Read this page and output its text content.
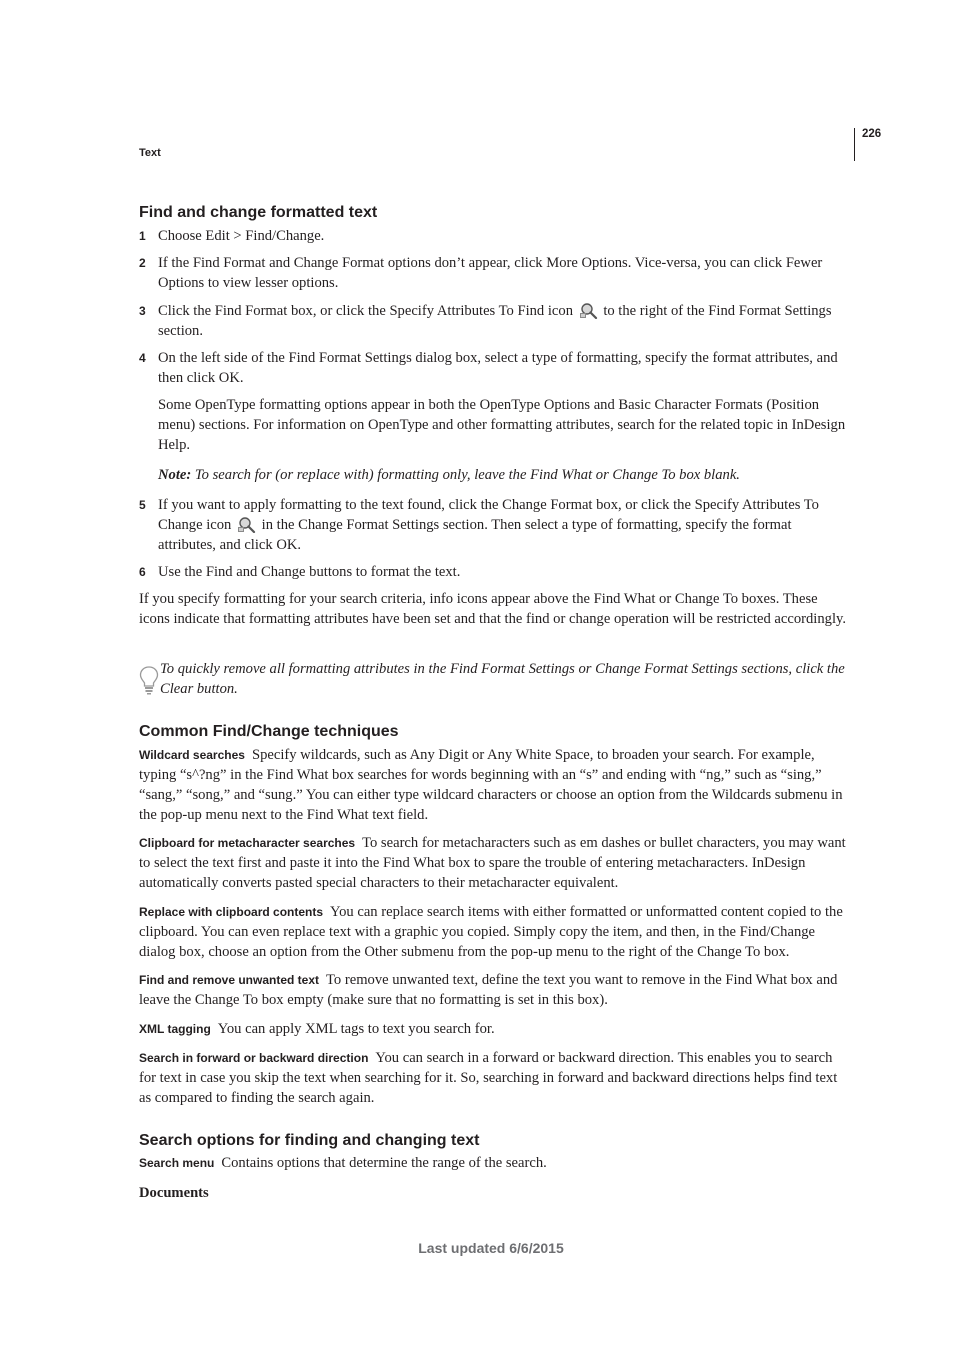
226
Text
Find and change formatted text
1 Choose Edit > Find/Change.

2 If the Find Format and Change Format options don’t appear, click More Options. Vice-versa, you can click Fewer Options to view lesser options.

3 Click the Find Format box, or click the Specify Attributes To Find icon to the right of the Find Format Settings section.

4 On the left side of the Find Format Settings dialog box, select a type of formatting, specify the format attributes, and then click OK.

Some OpenType formatting options appear in both the OpenType Options and Basic Character Formats (Position menu) sections. For information on OpenType and other formatting attributes, search for the related topic in InDesign Help.

Note: To search for (or replace with) formatting only, leave the Find What or Change To box blank.

5 If you want to apply formatting to the text found, click the Change Format box, or click the Specify Attributes To Change icon in the Change Format Settings section. Then select a type of formatting, specify the format attributes, and click OK.

6 Use the Find and Change buttons to format the text.

If you specify formatting for your search criteria, info icons appear above the Find What or Change To boxes. These icons indicate that formatting attributes have been set and that the find or change operation will be restricted accordingly.

To quickly remove all formatting attributes in the Find Format Settings or Change Format Settings sections, click the Clear button.

Common Find/Change techniques

Wildcard searches Specify wildcards, such as Any Digit or Any White Space, to broaden your search. For example, typing “s^?ng” in the Find What box searches for words beginning with an “s” and ending with “ng,” such as “sing,” “sang,” “song,” and “sung.” You can either type wildcard characters or choose an option from the Wildcards submenu in the pop-up menu next to the Find What text field.

Clipboard for metacharacter searches To search for metacharacters such as em dashes or bullet characters, you may want to select the text first and paste it into the Find What box to spare the trouble of entering metacharacters. InDesign automatically converts pasted special characters to their metacharacter equivalent.

Replace with clipboard contents You can replace search items with either formatted or unformatted content copied to the clipboard. You can even replace text with a graphic you copied. Simply copy the item, and then, in the Find/Change dialog box, choose an option from the Other submenu from the pop-up menu to the right of the Change To box.

Find and remove unwanted text To remove unwanted text, define the text you want to remove in the Find What box and leave the Change To box empty (make sure that no formatting is set in this box).

XML tagging You can apply XML tags to text you search for.

Search in forward or backward direction You can search in a forward or backward direction. This enables you to search for text in case you skip the text when searching for it. So, searching in forward and backward directions helps find text as compared to finding the search again.

Search options for finding and changing text

Search menu Contains options that determine the range of the search.

Documents

Last updated 6/6/2015
